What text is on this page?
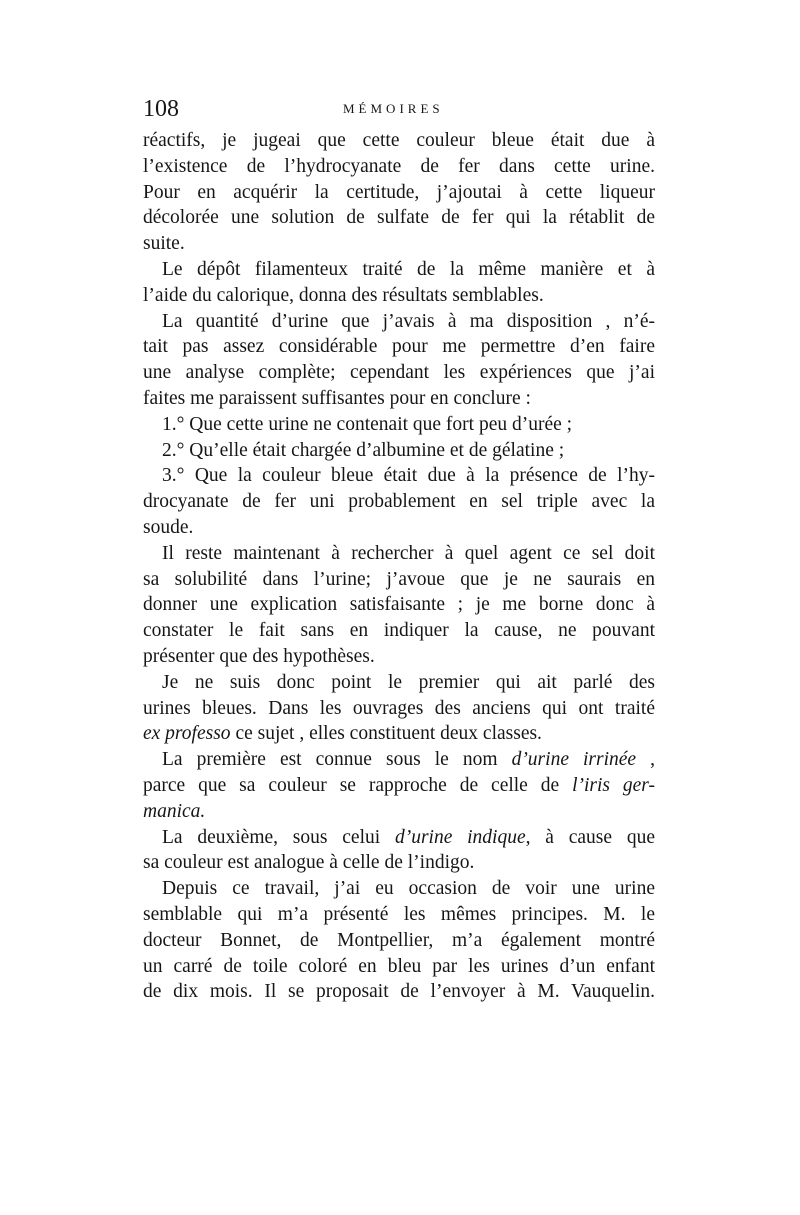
108	MÉMOIRES
réactifs, je jugeai que cette couleur bleue était due à
l’existence de l’hydrocyanate de fer dans cette urine.
Pour en acquérir la certitude, j’ajoutai à cette liqueur
décolorée une solution de sulfate de fer qui la rétablit de
suite.
Le dépôt filamenteux traité de la même manière et à
l’aide du calorique, donna des résultats semblables.
La quantité d’urine que j’avais à ma disposition , n’é-
tait pas assez considérable pour me permettre d’en faire
une analyse complète; cependant les expériences que j’ai
faites me paraissent suffisantes pour en conclure :
1.° Que cette urine ne contenait que fort peu d’urée ;
2.° Qu’elle était chargée d’albumine et de gélatine ;
3.° Que la couleur bleue était due à la présence de l’hy-
drocyanate de fer uni probablement en sel triple avec la
soude.
Il reste maintenant à rechercher à quel agent ce sel doit
sa solubilité dans l’urine; j’avoue que je ne saurais en
donner une explication satisfaisante ; je me borne donc à
constater le fait sans en indiquer la cause, ne pouvant
présenter que des hypothèses.
Je ne suis donc point le premier qui ait parlé des
urines bleues. Dans les ouvrages des anciens qui ont traité
ex professo ce sujet , elles constituent deux classes.
La première est connue sous le nom d’urine irrinée ,
parce que sa couleur se rapproche de celle de l’iris ger-
manica.
La deuxième, sous celui d’urine indique, à cause que
sa couleur est analogue à celle de l’indigo.
Depuis ce travail, j’ai eu occasion de voir une urine
semblable qui m’a présenté les mêmes principes. M. le
docteur Bonnet, de Montpellier, m’a également montré
un carré de toile coloré en bleu par les urines d’un enfant
de dix mois. Il se proposait de l’envoyer à M. Vauquelin.
